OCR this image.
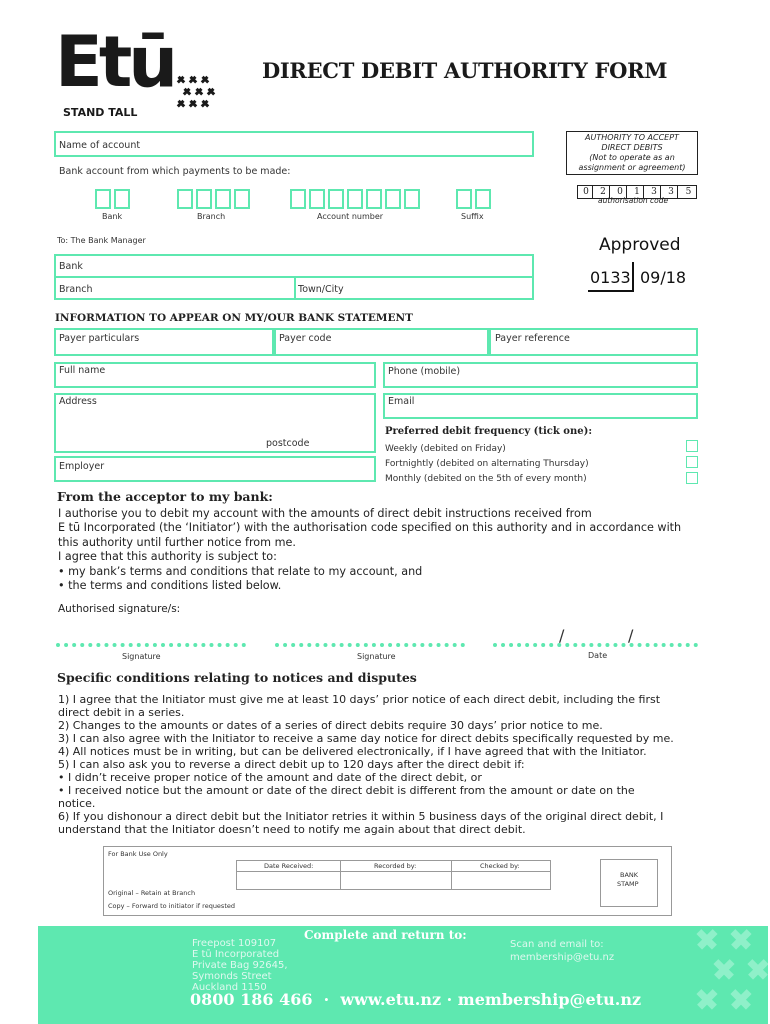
Etū
STAND TALL
DIRECT DEBIT AUTHORITY FORM
AUTHORITY TO ACCEPT
DIRECT DEBITS
(Not to operate as an
assignment or agreement)
0	2	0	1	3	3	5
authorisation code
Name of account
Bank account from which payments to be made:
Bank	Branch	Account number	Suffix
To: The Bank Manager
Bank
Branch	Town/City
Approved
0133 09/18
INFORMATION TO APPEAR ON MY/OUR BANK STATEMENT
Payer particulars	Payer code	Payer reference
Full name	Phone (mobile)
Address
postcode
Email
Employer
Preferred debit frequency (tick one):
Weekly (debited on Friday)
Fortnightly (debited on alternating Thursday)
Monthly (debited on the 5th of every month)
From the acceptor to my bank:
I authorise you to debit my account with the amounts of direct debit instructions received from
E tū Incorporated (the ‘Initiator’) with the authorisation code specified on this authority and in accordance with
this authority until further notice from me.
I agree that this authority is subject to:
• my bank’s terms and conditions that relate to my account, and
• the terms and conditions listed below.
Authorised signature/s:
/	/
Signature	Signature	Date
Specific conditions relating to notices and disputes
1) I agree that the Initiator must give me at least 10 days’ prior notice of each direct debit, including the first
direct debit in a series.
2) Changes to the amounts or dates of a series of direct debits require 30 days’ prior notice to me.
3) I can also agree with the Initiator to receive a same day notice for direct debits specifically requested by me.
4) All notices must be in writing, but can be delivered electronically, if I have agreed that with the Initiator.
5) I can also ask you to reverse a direct debit up to 120 days after the direct debit if:
• I didn’t receive proper notice of the amount and date of the direct debit, or
• I received notice but the amount or date of the direct debit is different from the amount or date on the
notice.
6) If you dishonour a direct debit but the Initiator retries it within 5 business days of the original direct debit, I
understand that the Initiator doesn’t need to notify me again about that direct debit.
For Bank Use Only
Date Received:	Recorded by:	Checked by:
Original – Retain at Branch
Copy – Forward to initiator if requested
BANK
STAMP
Complete and return to:
Freepost 109107
E tū Incorporated
Private Bag 92645,
Symonds Street
Auckland 1150
Scan and email to:
membership@etu.nz
0800 186 466  ·  www.etu.nz · membership@etu.nz
